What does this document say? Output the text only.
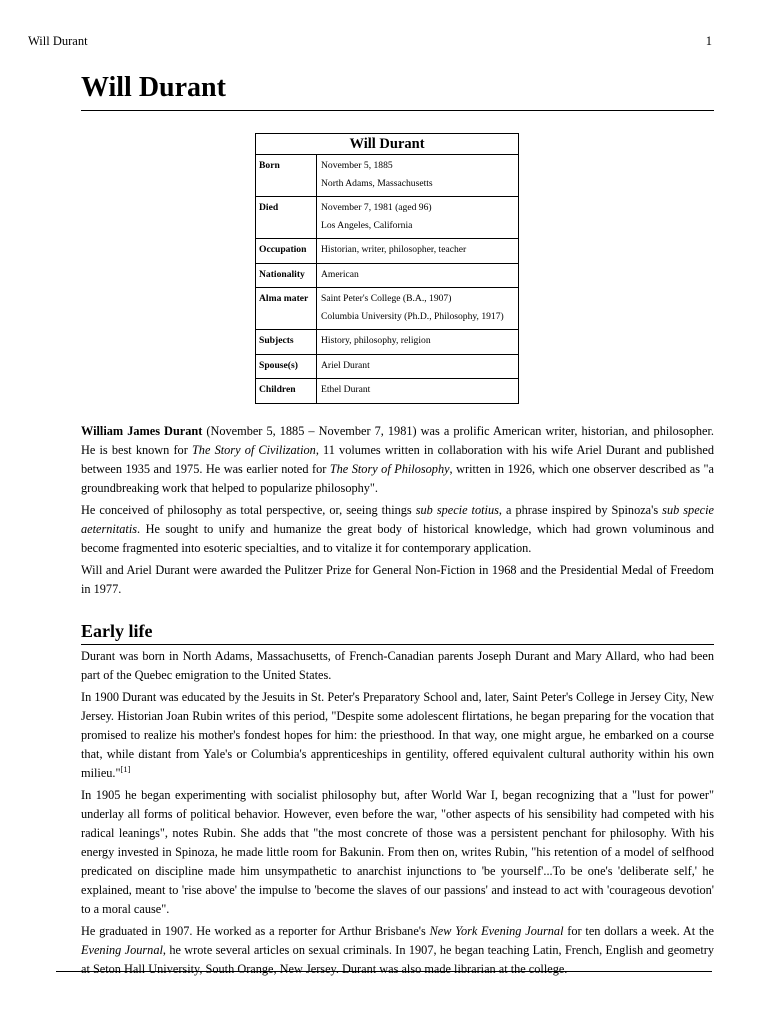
Will Durant	1
Will Durant
Will Durant	
Born	November 5, 1885
North Adams, Massachusetts

Died	November 7, 1981 (aged 96)
Los Angeles, California

Occupation	Historian, writer, philosopher, teacher

Nationality	American

Alma mater	Saint Peter's College (B.A., 1907)
Columbia University (Ph.D., Philosophy, 1917)

Subjects	History, philosophy, religion

Spouse(s)	Ariel Durant

Children	Ethel Durant

William James Durant (November 5, 1885 – November 7, 1981) was a prolific American writer, historian, and philosopher. He is best known for The Story of Civilization, 11 volumes written in collaboration with his wife Ariel Durant and published between 1935 and 1975. He was earlier noted for The Story of Philosophy, written in 1926, which one observer described as "a groundbreaking work that helped to popularize philosophy".

He conceived of philosophy as total perspective, or, seeing things sub specie totius, a phrase inspired by Spinoza's sub specie aeternitatis. He sought to unify and humanize the great body of historical knowledge, which had grown voluminous and become fragmented into esoteric specialties, and to vitalize it for contemporary application.

Will and Ariel Durant were awarded the Pulitzer Prize for General Non-Fiction in 1968 and the Presidential Medal of Freedom in 1977.

Early life

Durant was born in North Adams, Massachusetts, of French-Canadian parents Joseph Durant and Mary Allard, who had been part of the Quebec emigration to the United States.

In 1900 Durant was educated by the Jesuits in St. Peter's Preparatory School and, later, Saint Peter's College in Jersey City, New Jersey. Historian Joan Rubin writes of this period, "Despite some adolescent flirtations, he began preparing for the vocation that promised to realize his mother's fondest hopes for him: the priesthood. In that way, one might argue, he embarked on a course that, while distant from Yale's or Columbia's apprenticeships in gentility, offered equivalent cultural authority within his own milieu."[1]

In 1905 he began experimenting with socialist philosophy but, after World War I, began recognizing that a "lust for power" underlay all forms of political behavior. However, even before the war, "other aspects of his sensibility had competed with his radical leanings", notes Rubin. She adds that "the most concrete of those was a persistent penchant for philosophy. With his energy invested in Spinoza, he made little room for Bakunin. From then on, writes Rubin, "his retention of a model of selfhood predicated on discipline made him unsympathetic to anarchist injunctions to 'be yourself'...To be one's 'deliberate self,' he explained, meant to 'rise above' the impulse to 'become the slaves of our passions' and instead to act with 'courageous devotion' to a moral cause".

He graduated in 1907. He worked as a reporter for Arthur Brisbane's New York Evening Journal for ten dollars a week. At the Evening Journal, he wrote several articles on sexual criminals. In 1907, he began teaching Latin, French, English and geometry at Seton Hall University, South Orange, New Jersey. Durant was also made librarian at the college.
